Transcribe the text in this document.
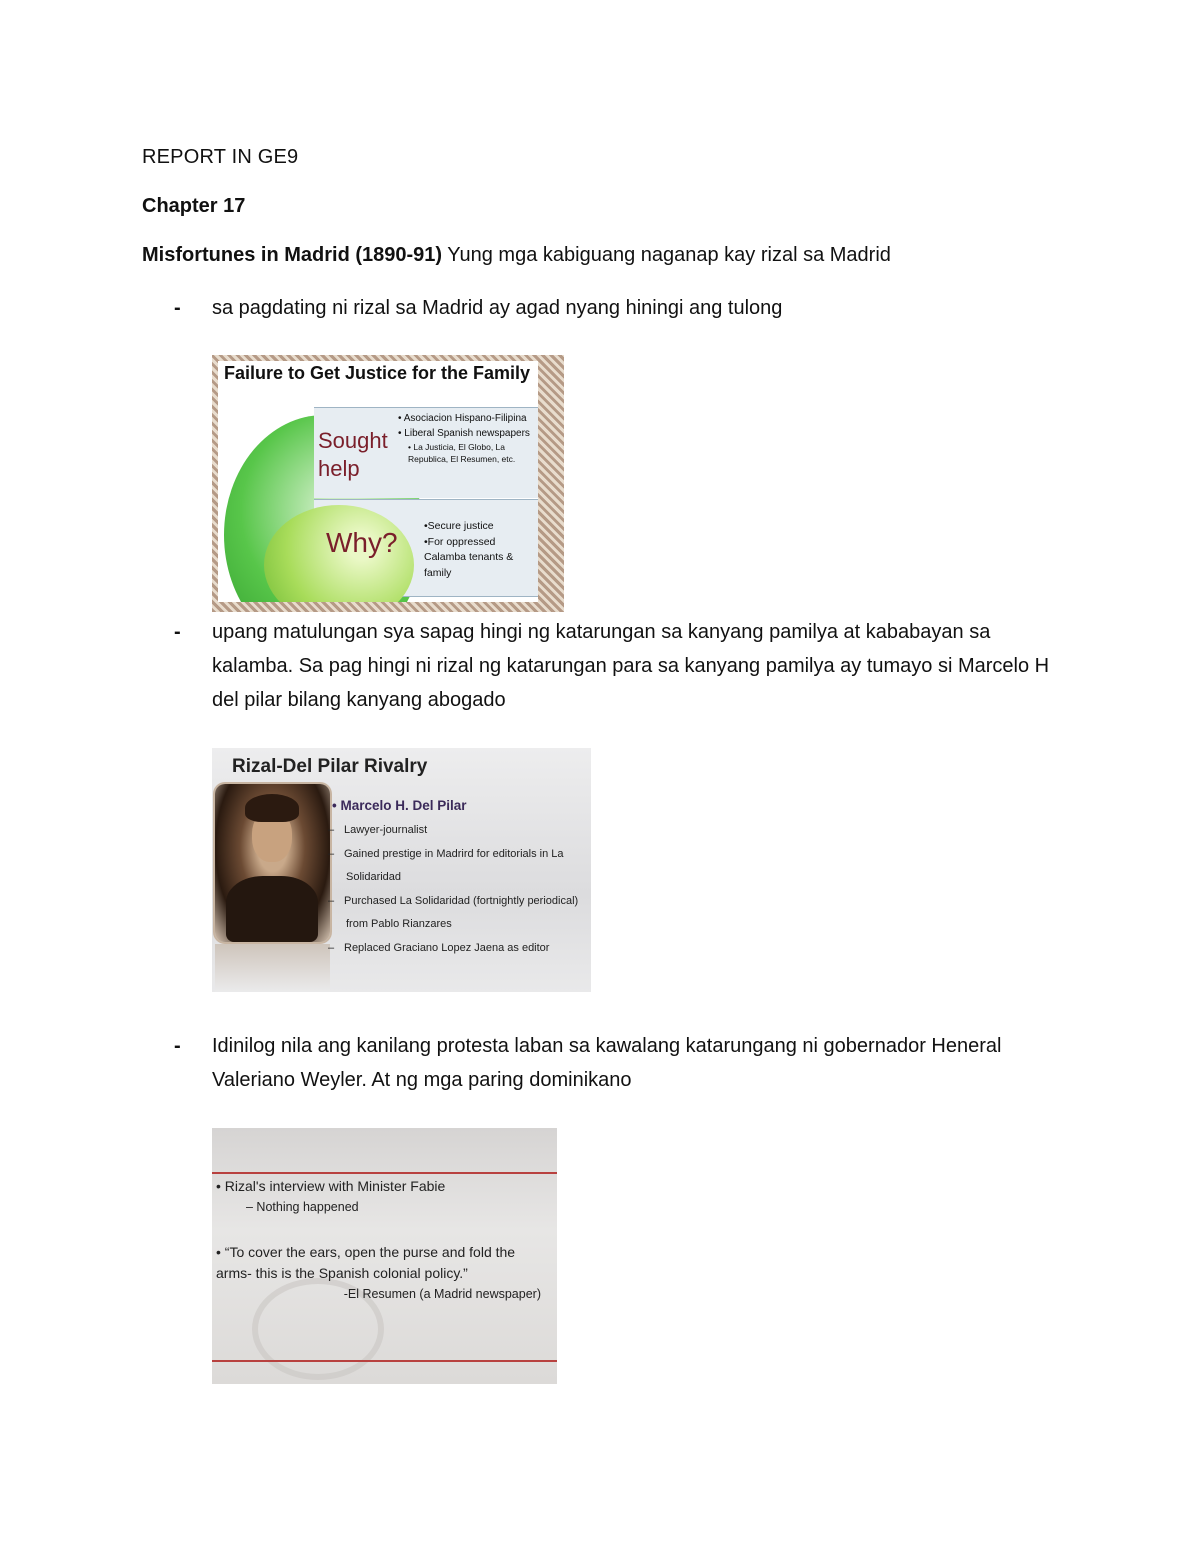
REPORT IN GE9
Chapter 17
Misfortunes in Madrid (1890-91) Yung mga kabiguang naganap kay rizal sa Madrid
- sa pagdating ni rizal sa Madrid ay agad nyang hiningi ang tulong
Failure to Get Justice for the Family
Sought
help
Why?
• Asociacion Hispano-Filipina
• Liberal Spanish newspapers
• La Justicia, El Globo, La Republica, El Resumen, etc.
•Secure justice
•For oppressed Calamba tenants & family
- upang matulungan sya sapag hingi ng katarungan sa kanyang pamilya at kababayan sa kalamba. Sa pag hingi ni rizal ng katarungan para sa kanyang pamilya ay tumayo si Marcelo H del pilar bilang kanyang abogado
Rizal-Del Pilar Rivalry
• Marcelo H. Del Pilar
– Lawyer-journalist
– Gained prestige in Madrird for editorials in La Solidaridad
– Purchased La Solidaridad (fortnightly periodical) from Pablo Rianzares
– Replaced Graciano Lopez Jaena as editor
- Idinilog nila ang kanilang protesta laban sa kawalang katarungang ni gobernador Heneral Valeriano Weyler. At ng mga paring dominikano
• Rizal's interview with Minister Fabie
– Nothing happened
• “To cover the ears, open the purse and fold the arms- this is the Spanish colonial policy.”
-El Resumen (a Madrid newspaper)
